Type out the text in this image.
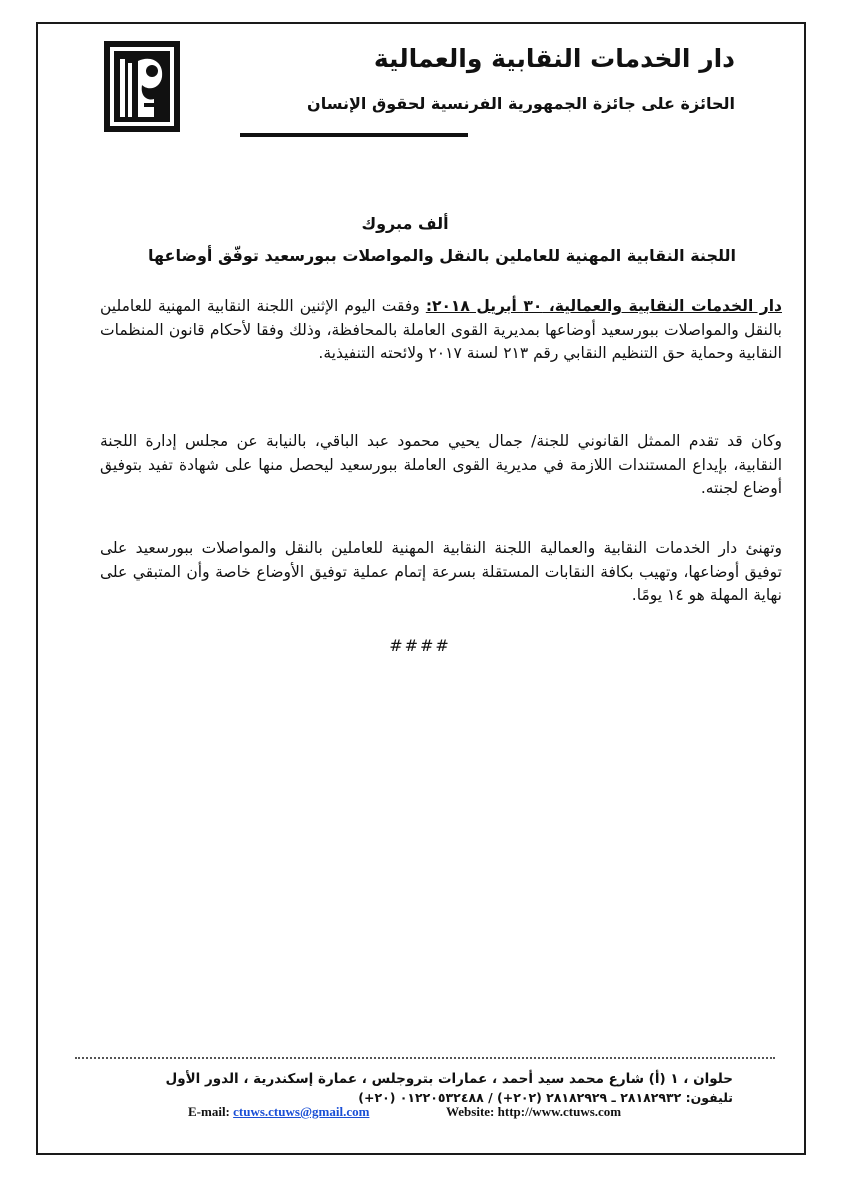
دار الخدمات النقابية والعمالية
الحائزة على جائزة الجمهورية الفرنسية لحقوق الإنسان
ألف مبروك
اللجنة النقابية المهنية للعاملين بالنقل والمواصلات ببورسعيد توفّق أوضاعها
دار الخدمات النقابية والعمالية، ٣٠ أبريل ٢٠١٨: وفقت اليوم الإثنين اللجنة النقابية المهنية للعاملين بالنقل والمواصلات ببورسعيد أوضاعها بمديرية القوى العاملة بالمحافظة، وذلك وفقا لأحكام قانون المنظمات النقابية وحماية حق التنظيم النقابي رقم ٢١٣ لسنة ٢٠١٧ ولائحته التنفيذية.
وكان قد تقدم الممثل القانوني للجنة/ جمال يحيي محمود عبد الباقي، بالنيابة عن مجلس إدارة اللجنة النقابية، بإيداع المستندات اللازمة في مديرية القوى العاملة ببورسعيد ليحصل منها على شهادة تفيد بتوفيق أوضاع لجنته.
وتهنئ دار الخدمات النقابية والعمالية اللجنة النقابية المهنية للعاملين بالنقل والمواصلات ببورسعيد على توفيق أوضاعها، وتهيب بكافة النقابات المستقلة بسرعة إتمام عملية توفيق الأوضاع خاصة وأن المتبقي على نهاية المهلة هو ١٤ يومًا.
####
حلوان ، ١ (أ) شارع محمد سيد أحمد ، عمارات بتروجلس ، عمارة إسكندرية ، الدور الأول
تليفون: ٢٨١٨٢٩٣٢ ـ ٢٨١٨٢٩٢٩ (٢٠٢+) / ٠١٢٢٠٥٣٢٤٨٨ (٢٠+)
E-mail: ctuws.ctuws@gmail.com	Website: http://www.ctuws.com
